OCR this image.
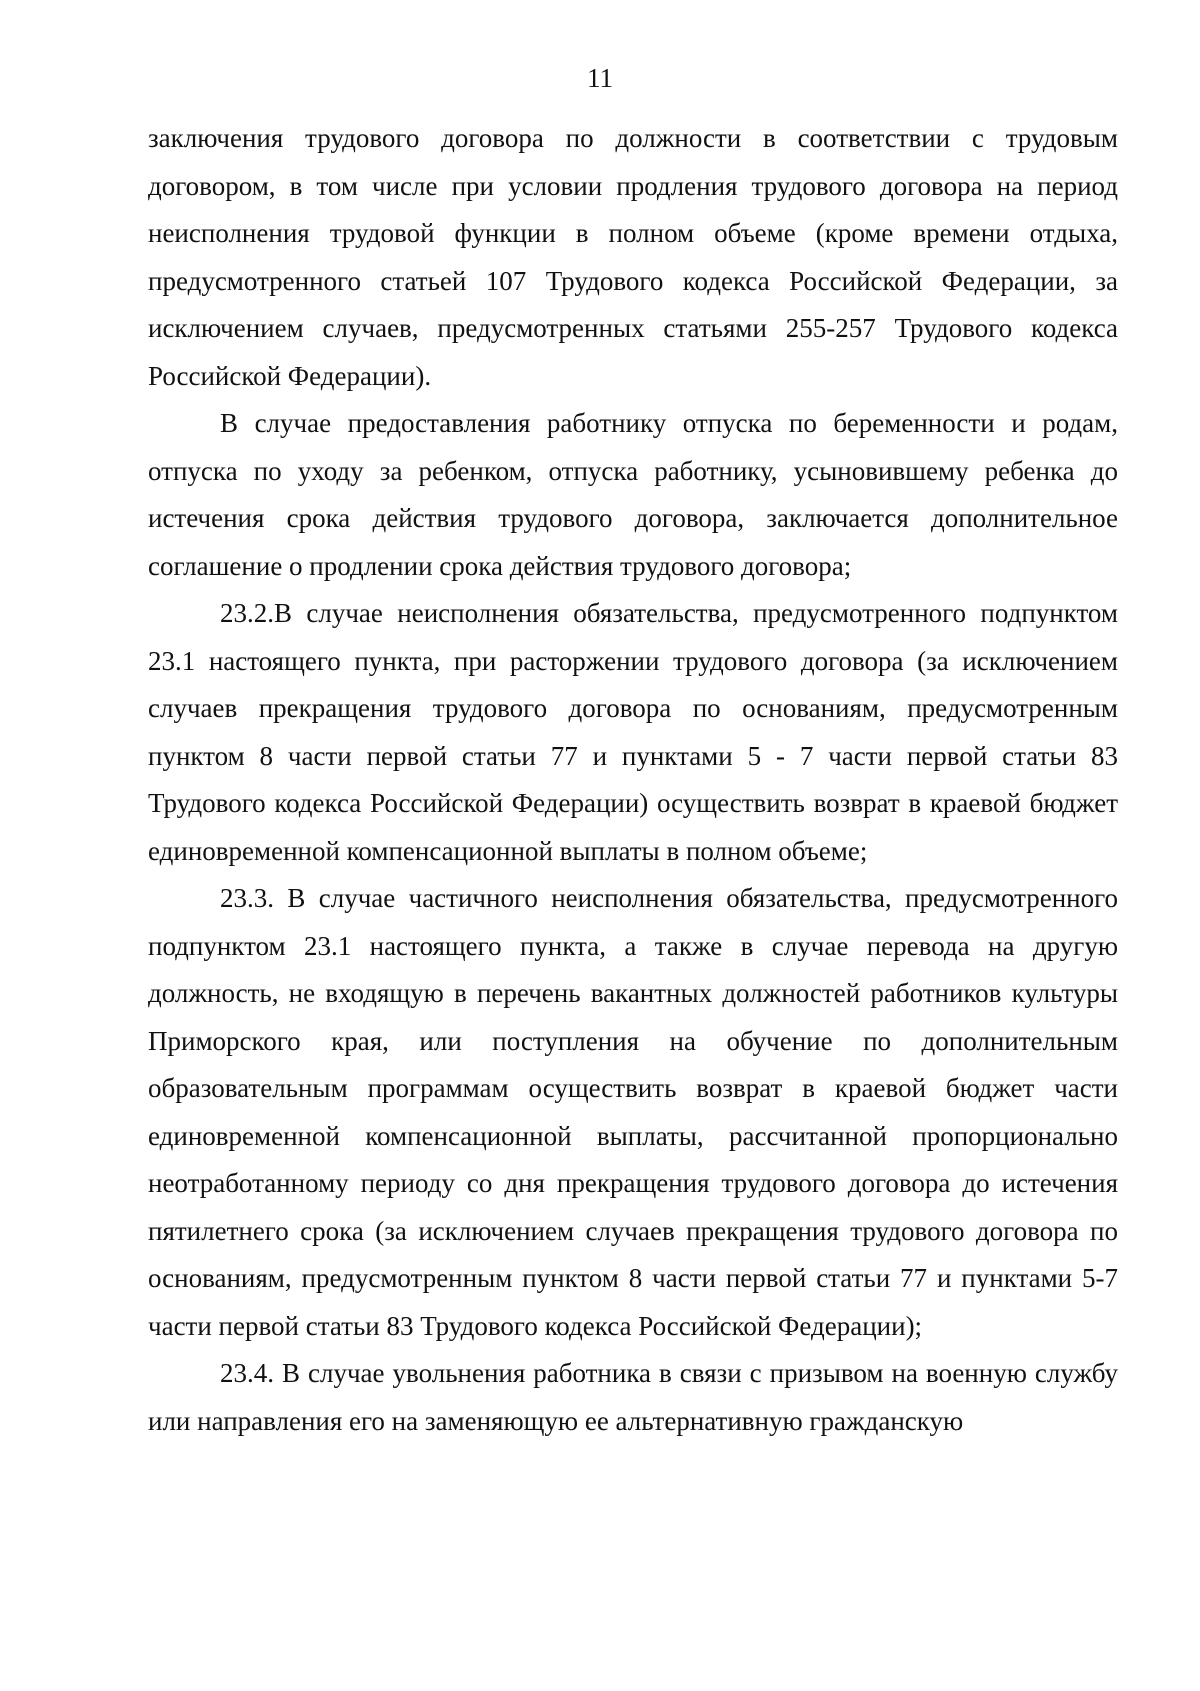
11

заключения трудового договора по должности в соответствии с трудовым договором, в том числе при условии продления трудового договора на период неисполнения трудовой функции в полном объеме (кроме времени отдыха, предусмотренного статьей 107 Трудового кодекса Российской Федерации, за исключением случаев, предусмотренных статьями 255-257 Трудового кодекса Российской Федерации).

В случае предоставления работнику отпуска по беременности и родам, отпуска по уходу за ребенком, отпуска работнику, усыновившему ребенка до истечения срока действия трудового договора, заключается дополнительное соглашение о продлении срока действия трудового договора;

23.2.В случае неисполнения обязательства, предусмотренного подпунктом 23.1 настоящего пункта, при расторжении трудового договора (за исключением случаев прекращения трудового договора по основаниям, предусмотренным пунктом 8 части первой статьи 77 и пунктами 5 - 7 части первой статьи 83 Трудового кодекса Российской Федерации) осуществить возврат в краевой бюджет единовременной компенсационной выплаты в полном объеме;

23.3. В случае частичного неисполнения обязательства, предусмотренного подпунктом 23.1 настоящего пункта, а также в случае перевода на другую должность, не входящую в перечень вакантных должностей работников культуры Приморского края, или поступления на обучение по дополнительным образовательным программам осуществить возврат в краевой бюджет части единовременной компенсационной выплаты, рассчитанной пропорционально неотработанному периоду со дня прекращения трудового договора до истечения пятилетнего срока (за исключением случаев прекращения трудового договора по основаниям, предусмотренным пунктом 8 части первой статьи 77 и пунктами 5-7 части первой статьи 83 Трудового кодекса Российской Федерации);

23.4. В случае увольнения работника в связи с призывом на военную службу или направления его на заменяющую ее альтернативную гражданскую
